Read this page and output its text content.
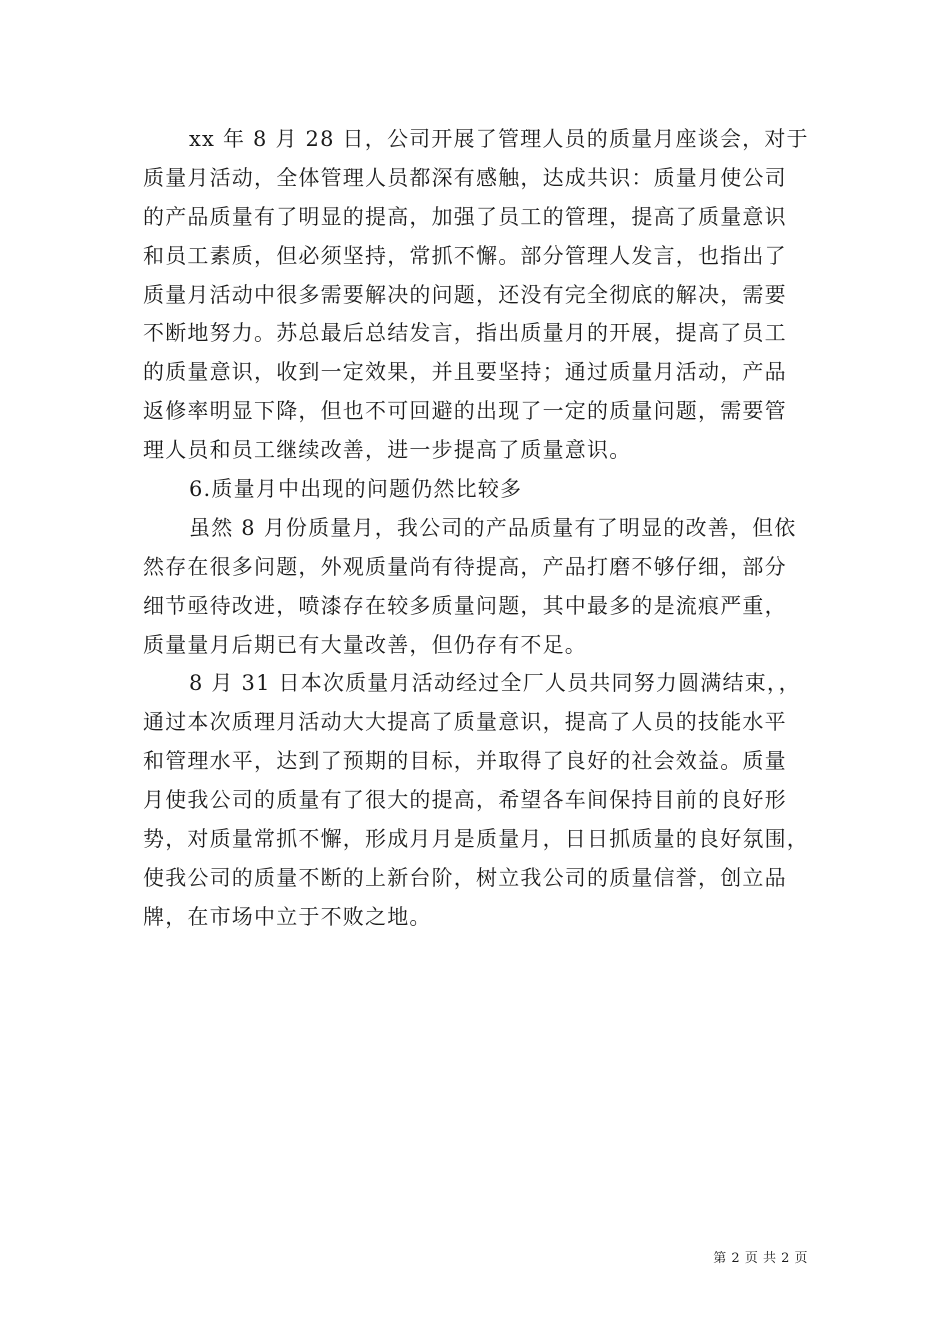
xx 年 8 月 28 日，公司开展了管理人员的质量月座谈会，对于
质量月活动，全体管理人员都深有感触，达成共识：质量月使公司
的产品质量有了明显的提高，加强了员工的管理，提高了质量意识
和员工素质，但必须坚持，常抓不懈。部分管理人发言，也指出了
质量月活动中很多需要解决的问题，还没有完全彻底的解决，需要
不断地努力。苏总最后总结发言，指出质量月的开展，提高了员工
的质量意识，收到一定效果，并且要坚持；通过质量月活动，产品
返修率明显下降，但也不可回避的出现了一定的质量问题，需要管
理人员和员工继续改善，进一步提高了质量意识。
6.质量月中出现的问题仍然比较多
虽然 8 月份质量月，我公司的产品质量有了明显的改善，但依
然存在很多问题，外观质量尚有待提高，产品打磨不够仔细，部分
细节亟待改进，喷漆存在较多质量问题，其中最多的是流痕严重，
质量量月后期已有大量改善，但仍存有不足。
8 月 31 日本次质量月活动经过全厂人员共同努力圆满结束，，
通过本次质理月活动大大提高了质量意识，提高了人员的技能水平
和管理水平，达到了预期的目标，并取得了良好的社会效益。质量
月使我公司的质量有了很大的提高，希望各车间保持目前的良好形
势，对质量常抓不懈，形成月月是质量月，日日抓质量的良好氛围，
使我公司的质量不断的上新台阶，树立我公司的质量信誉，创立品
牌，在市场中立于不败之地。
第 2 页 共 2 页
